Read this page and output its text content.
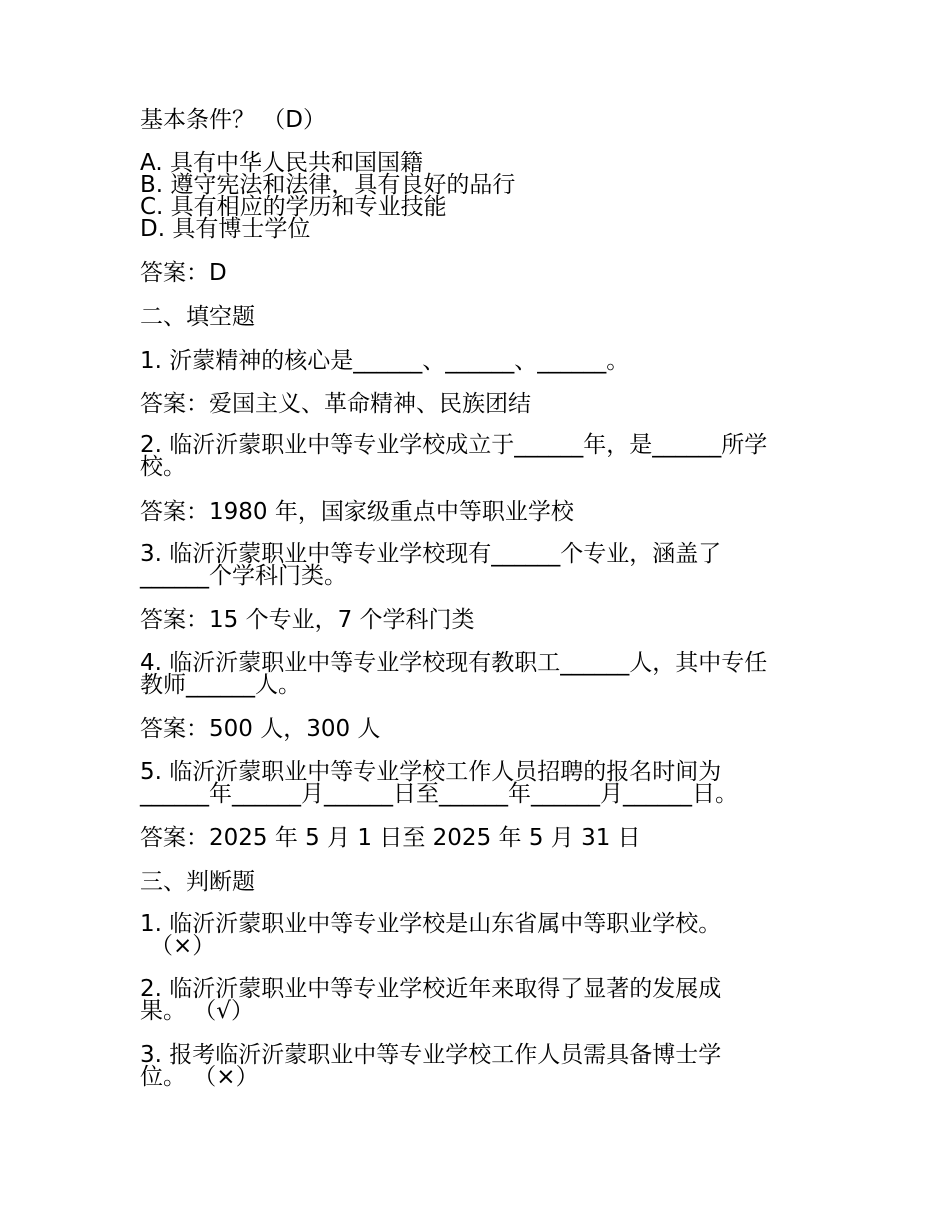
基本条件？ （D）
A. 具有中华人民共和国国籍
B. 遵守宪法和法律，具有良好的品行
C. 具有相应的学历和专业技能
D. 具有博士学位
答案：D
二、填空题
1. 沂蒙精神的核心是______、______、______。
答案：爱国主义、革命精神、民族团结
2. 临沂沂蒙职业中等专业学校成立于______年，是______所学
校。
答案：1980 年，国家级重点中等职业学校
3. 临沂沂蒙职业中等专业学校现有______个专业，涵盖了
______个学科门类。
答案：15 个专业，7 个学科门类
4. 临沂沂蒙职业中等专业学校现有教职工______人，其中专任
教师______人。
答案：500 人，300 人
5. 临沂沂蒙职业中等专业学校工作人员招聘的报名时间为
______年______月______日至______年______月______日。
答案：2025 年 5 月 1 日至 2025 年 5 月 31 日
三、判断题
1. 临沂沂蒙职业中等专业学校是山东省属中等职业学校。
（×）
2. 临沂沂蒙职业中等专业学校近年来取得了显著的发展成
果。 （√）
3. 报考临沂沂蒙职业中等专业学校工作人员需具备博士学
位。 （×）
